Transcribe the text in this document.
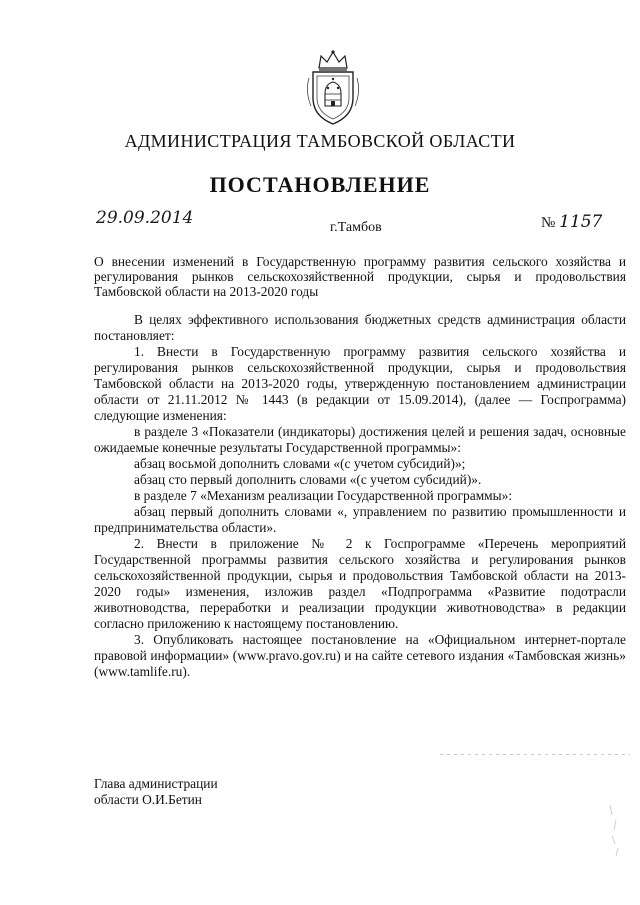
АДМИНИСТРАЦИЯ ТАМБОВСКОЙ ОБЛАСТИ
ПОСТАНОВЛЕНИЕ
29.09.2014	г.Тамбов	№ 1157
О внесении изменений в Государственную программу развития сельского хозяйства и регулирования рынков сельскохозяйственной продукции, сырья и продовольствия Тамбовской области на 2013-2020 годы

В целях эффективного использования бюджетных средств администрация области постановляет:

1. Внести в Государственную программу развития сельского хозяйства и регулирования рынков сельскохозяйственной продукции, сырья и продовольствия Тамбовской области на 2013-2020 годы, утвержденную постановлением администрации области от 21.11.2012 № 1443 (в редакции от 15.09.2014), (далее — Госпрограмма) следующие изменения:

в разделе 3 «Показатели (индикаторы) достижения целей и решения задач, основные ожидаемые конечные результаты Государственной программы»:

абзац восьмой дополнить словами «(с учетом субсидий)»;

абзац сто первый дополнить словами «(с учетом субсидий)».

в разделе 7 «Механизм реализации Государственной программы»:

абзац первый дополнить словами «, управлением по развитию промышленности и предпринимательства области».

2. Внести в приложение № 2 к Госпрограмме «Перечень мероприятий Государственной программы развития сельского хозяйства и регулирования рынков сельскохозяйственной продукции, сырья и продовольствия Тамбовской области на 2013-2020 годы» изменения, изложив раздел «Подпрограмма «Развитие подотрасли животноводства, переработки и реализации продукции животноводства» в редакции согласно приложению к настоящему постановлению.

3. Опубликовать настоящее постановление на «Официальном интернет-портале правовой информации» (www.pravo.gov.ru) и на сайте сетевого издания «Тамбовская жизнь» (www.tamlife.ru).

Глава администрации
области О.И.Бетин
